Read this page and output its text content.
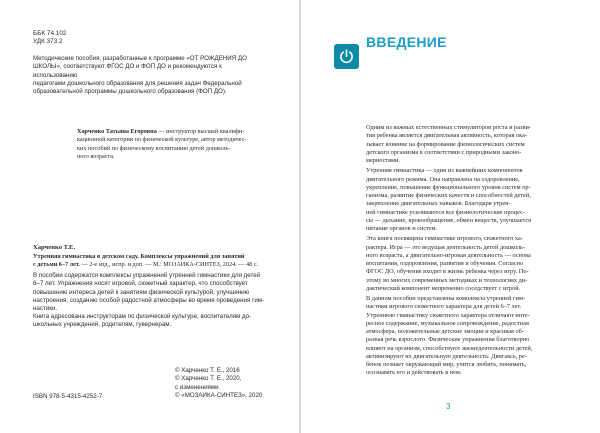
ББК 74.102
УДК 373.2
Методические пособия, разработанные к программе «ОТ РОЖДЕНИЯ ДО
ШКОЛЫ», соответствуют ФГОС ДО и ФОП ДО и рекомендуются к использованию
педагогами дошкольного образования для решения задач Федеральной
образовательной программы дошкольного образования (ФОП ДО).
Харченко Татьяна Егоровна — инструктор высшей квалифи-
кационной категории по физической культуре, автор методичес-
ких пособий по физическому воспитанию детей дошколь-
ного возраста.
Харченко Т.Е.
Утренняя гимнастика в детском саду. Комплексы упражнений для занятий
с детьми 6–7 лет. — 2-е изд., испр. и доп. — М.: МОЗАИКА-СИНТЕЗ, 2024. — 48 с.
В пособии содержатся комплексы упражнений утренней гимнастики для детей
6–7 лет. Упражнения носят игровой, сюжетный характер, что способствует
повышению интереса детей к занятиям физической культурой, улучшению
настроения, созданию особой радостной атмосферы во время проведения гим-
настики.
Книга адресована инструкторам по физической культуре, воспитателям до-
школьных учреждений, родителям, гувернерам.
© Харченко Т. Е., 2016
© Харченко Т. Е., 2020,
с изменениями
© «МОЗАИКА-СИНТЕЗ», 2020
ISBN 978-5-4315-4252-7
ВВЕДЕНИЕ

Одним из важных естественных стимуляторов роста и разви-
тия ребенка является двигательная активность, которая ока-
зывает влияние на формирование физиологических систем
детского организма в соответствии с природными законо-
мерностями.

Утренняя гимнастика — один из важнейших компонентов
двигательного режима. Она направлена на оздоровление,
укрепление, повышение функционального уровня систем ор-
ганизма, развитие физических качеств и способностей детей,
закрепление двигательных навыков. Благодаря утрен-
ней гимнастике усиливаются все физиологические процес-
сы — дыхание, кровообращение, обмен веществ, улучшается
питание органов и систем.

Эта книга посвящена гимнастике игрового, сюжетного ха-
рактера. Игра — это ведущая деятельность детей дошколь-
ного возраста, а двигательно-игровая деятельность — основа
воспитания, оздоровления, развития и обучения. Согласно
ФГОС ДО, обучение входит в жизнь ребенка через игру. По-
этому во многих современных методиках и технологиях ди-
дактический компонент непременно соседствует с игрой.

В данном пособии представлены комплексы утренней гим-
настики игрового сюжетного характера для детей 6–7 лет.
Утреннюю гимнастику сюжетного характера отличают инте-
ресное содержание, музыкальное сопровождение, радостная
атмосфера, положительные детские эмоции и красивая об-
разная речь взрослого. Физические упражнения благотворно
влияют на организм, способствуют жизнедеятельности детей,
активизируют их двигательную деятельность. Двигаясь, ре-
бенок познает окружающий мир, учится любить, понимать,
осознавать его и действовать в нем.

3
